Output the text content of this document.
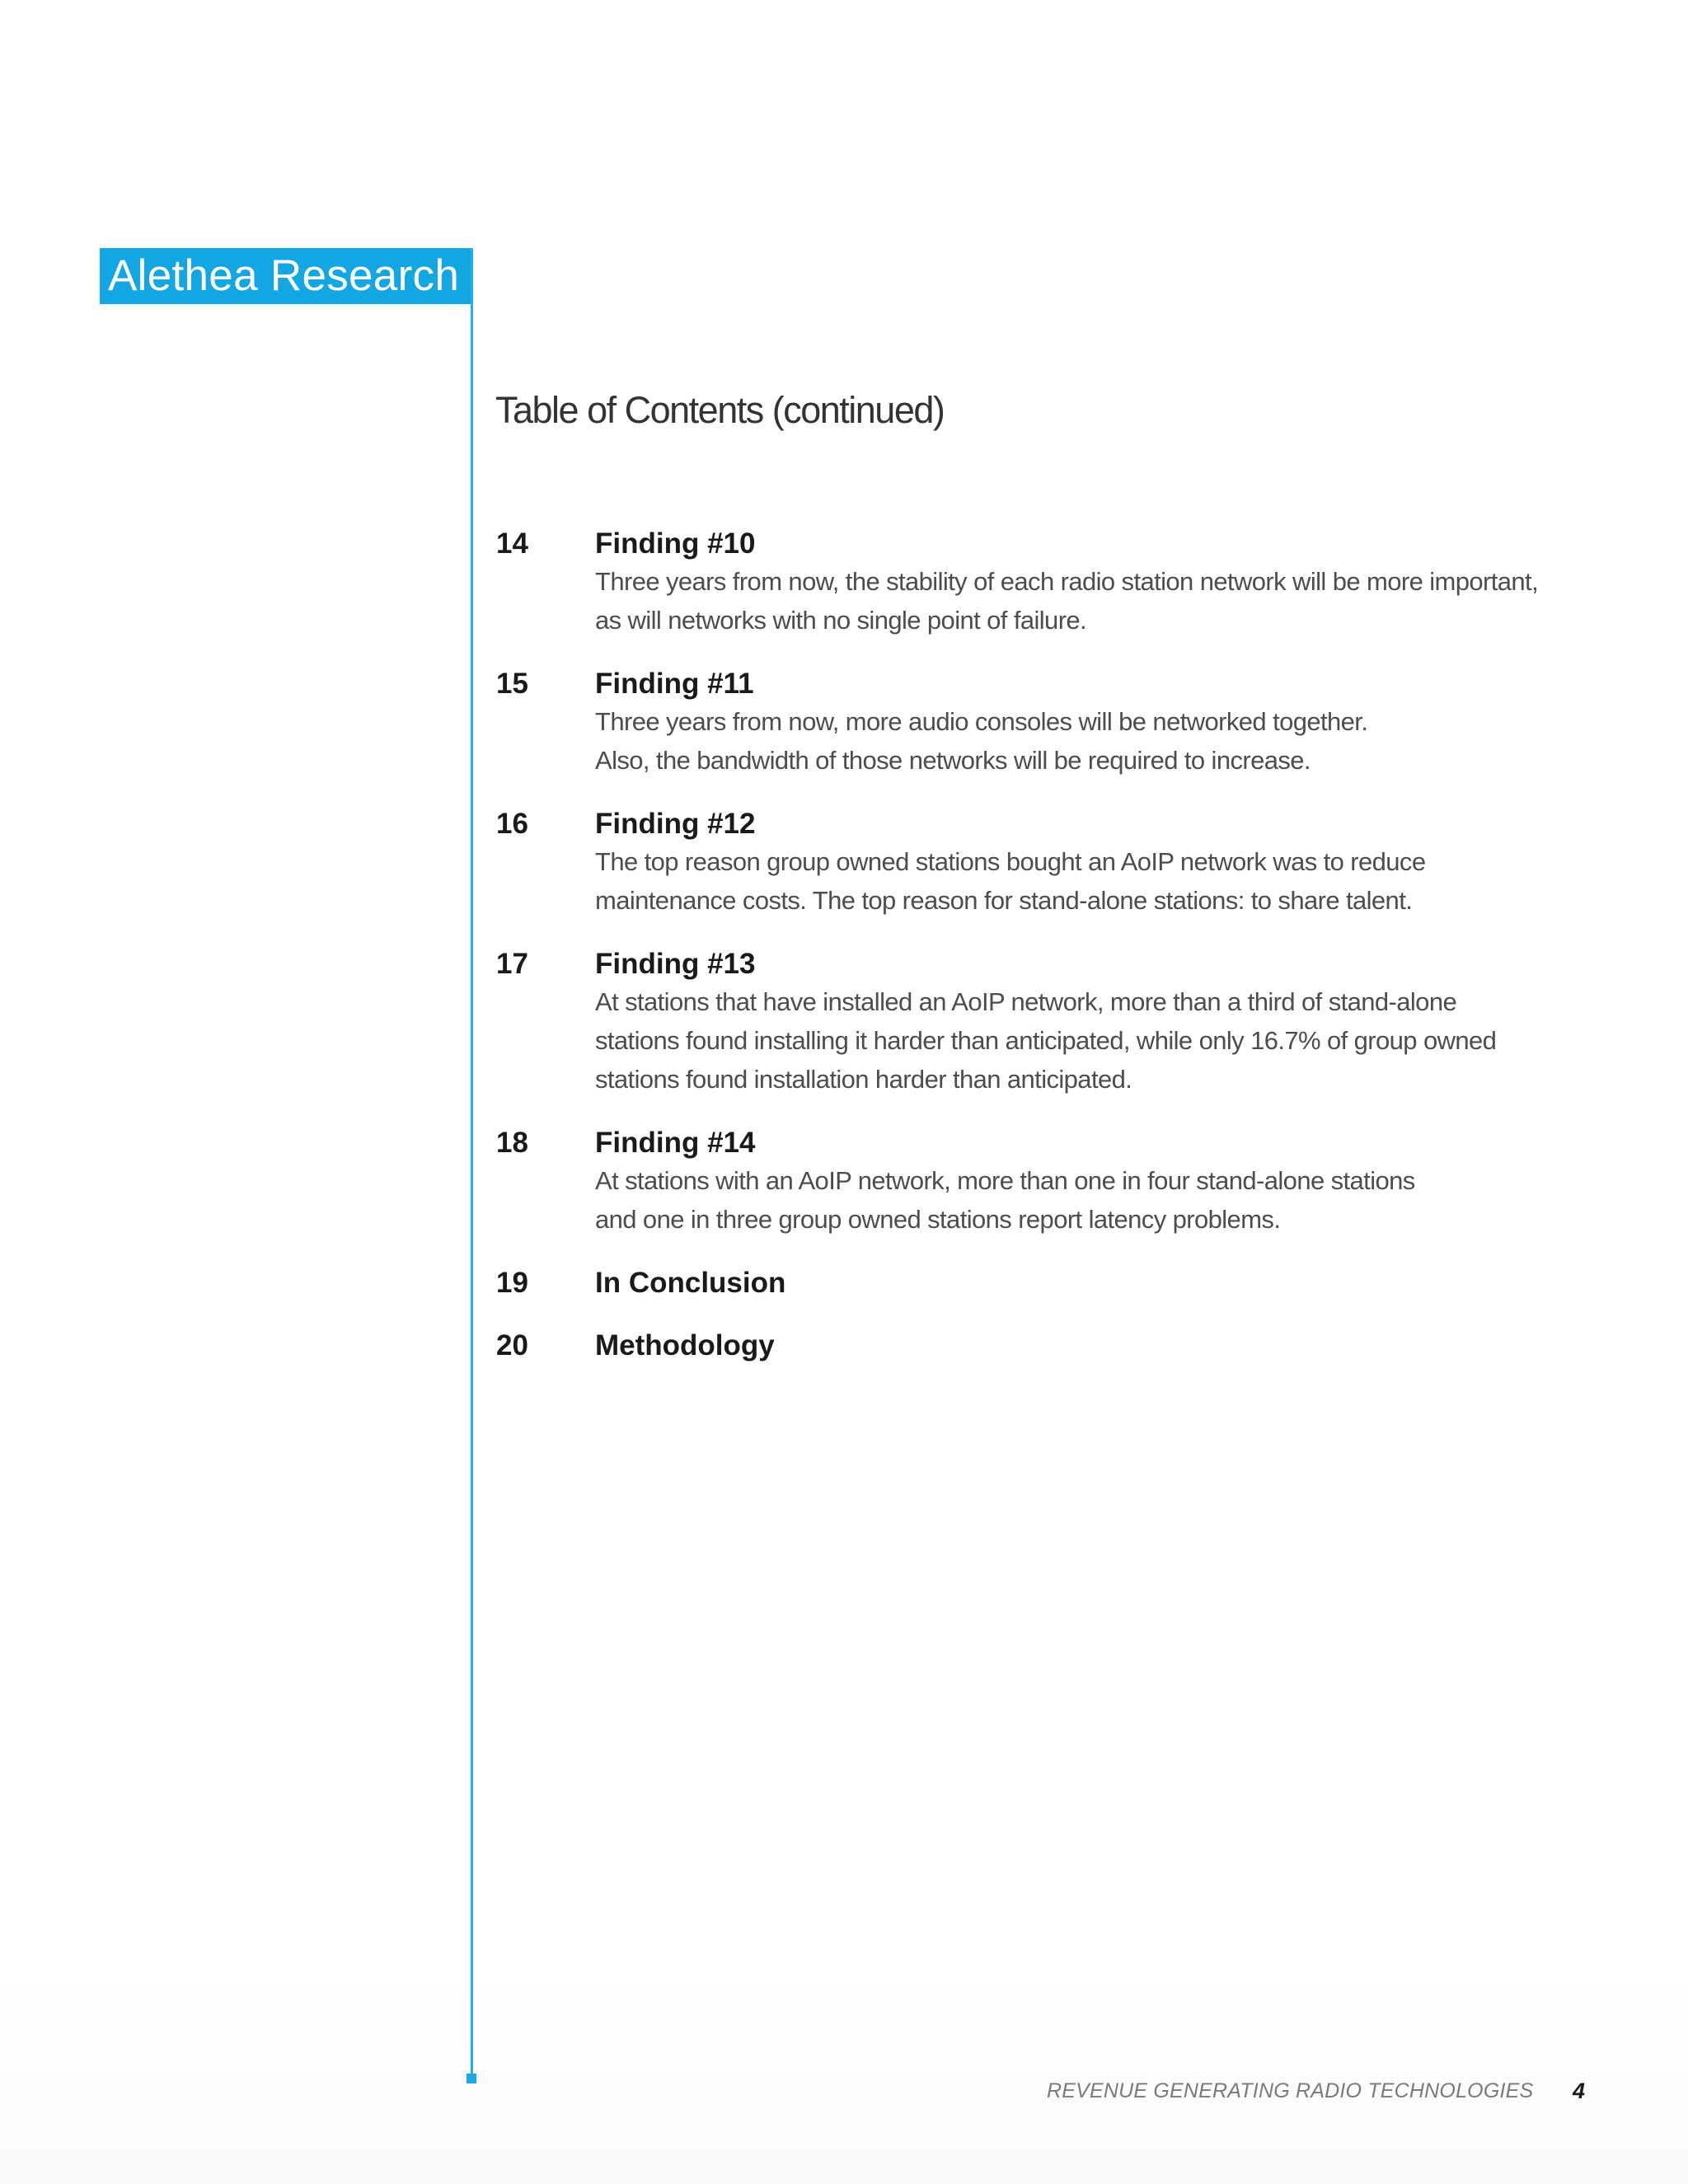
Alethea Research
Table of Contents (continued)
14 Finding #10
Three years from now, the stability of each radio station network will be more important,
as will networks with no single point of failure.
15 Finding #11
Three years from now, more audio consoles will be networked together.
Also, the bandwidth of those networks will be required to increase.
16 Finding #12
The top reason group owned stations bought an AoIP network was to reduce
maintenance costs. The top reason for stand-alone stations: to share talent.
17 Finding #13
At stations that have installed an AoIP network, more than a third of stand-alone
stations found installing it harder than anticipated, while only 16.7% of group owned
stations found installation harder than anticipated.
18 Finding #14
At stations with an AoIP network, more than one in four stand-alone stations
and one in three group owned stations report latency problems.
19 In Conclusion
20 Methodology
REVENUE GENERATING RADIO TECHNOLOGIES 4
